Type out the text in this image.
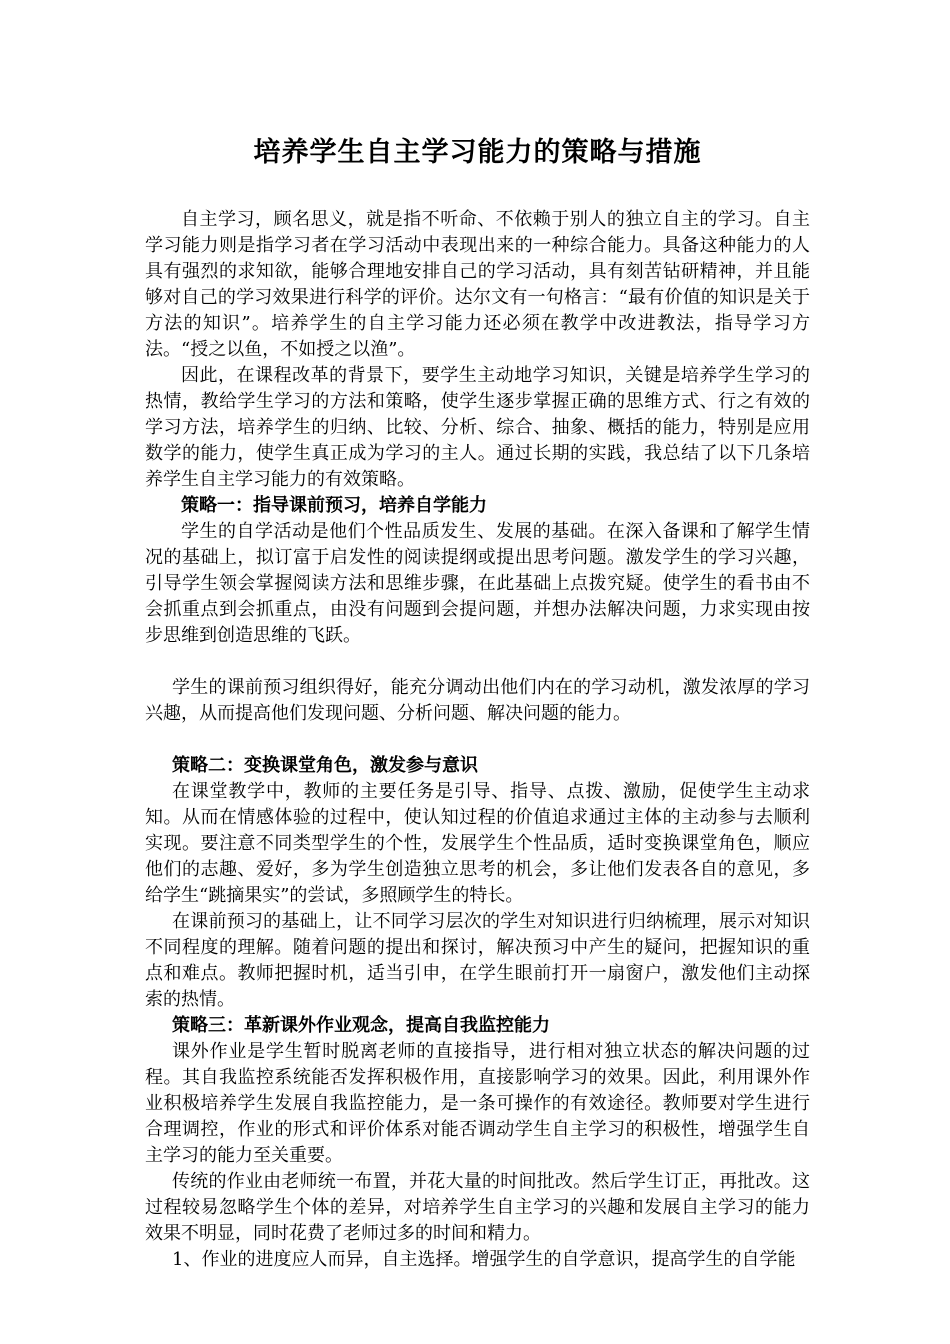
培养学生自主学习能力的策略与措施

自主学习，顾名思义，就是指不听命、不依赖于别人的独立自主的学习。自主学习能力则是指学习者在学习活动中表现出来的一种综合能力。具备这种能力的人具有强烈的求知欲，能够合理地安排自己的学习活动，具有刻苦钻研精神，并且能够对自己的学习效果进行科学的评价。达尔文有一句格言：“最有价值的知识是关于方法的知识”。培养学生的自主学习能力还必须在教学中改进教法，指导学习方法。“授之以鱼，不如授之以渔”。

因此，在课程改革的背景下，要学生主动地学习知识，关键是培养学生学习的热情，教给学生学习的方法和策略，使学生逐步掌握正确的思维方式、行之有效的学习方法，培养学生的归纳、比较、分析、综合、抽象、概括的能力，特别是应用数学的能力，使学生真正成为学习的主人。通过长期的实践，我总结了以下几条培养学生自主学习能力的有效策略。

策略一：指导课前预习，培养自学能力

学生的自学活动是他们个性品质发生、发展的基础。在深入备课和了解学生情况的基础上，拟订富于启发性的阅读提纲或提出思考问题。激发学生的学习兴趣，引导学生领会掌握阅读方法和思维步骤，在此基础上点拨究疑。使学生的看书由不会抓重点到会抓重点，由没有问题到会提问题，并想办法解决问题，力求实现由按步思维到创造思维的飞跃。

学生的课前预习组织得好，能充分调动出他们内在的学习动机，激发浓厚的学习兴趣，从而提高他们发现问题、分析问题、解决问题的能力。

策略二：变换课堂角色，激发参与意识

在课堂教学中，教师的主要任务是引导、指导、点拨、激励，促使学生主动求知。从而在情感体验的过程中，使认知过程的价值追求通过主体的主动参与去顺利实现。要注意不同类型学生的个性，发展学生个性品质，适时变换课堂角色，顺应他们的志趣、爱好，多为学生创造独立思考的机会，多让他们发表各自的意见，多给学生“跳摘果实”的尝试，多照顾学生的特长。

在课前预习的基础上，让不同学习层次的学生对知识进行归纳梳理，展示对知识不同程度的理解。随着问题的提出和探讨，解决预习中产生的疑问，把握知识的重点和难点。教师把握时机，适当引申，在学生眼前打开一扇窗户，激发他们主动探索的热情。

策略三：革新课外作业观念，提高自我监控能力

课外作业是学生暂时脱离老师的直接指导，进行相对独立状态的解决问题的过程。其自我监控系统能否发挥积极作用，直接影响学习的效果。因此，利用课外作业积极培养学生发展自我监控能力，是一条可操作的有效途径。教师要对学生进行合理调控，作业的形式和评价体系对能否调动学生自主学习的积极性，增强学生自主学习的能力至关重要。

传统的作业由老师统一布置，并花大量的时间批改。然后学生订正，再批改。这过程较易忽略学生个体的差异，对培养学生自主学习的兴趣和发展自主学习的能力效果不明显，同时花费了老师过多的时间和精力。

1、作业的进度应人而异，自主选择。增强学生的自学意识，提高学生的自学能
